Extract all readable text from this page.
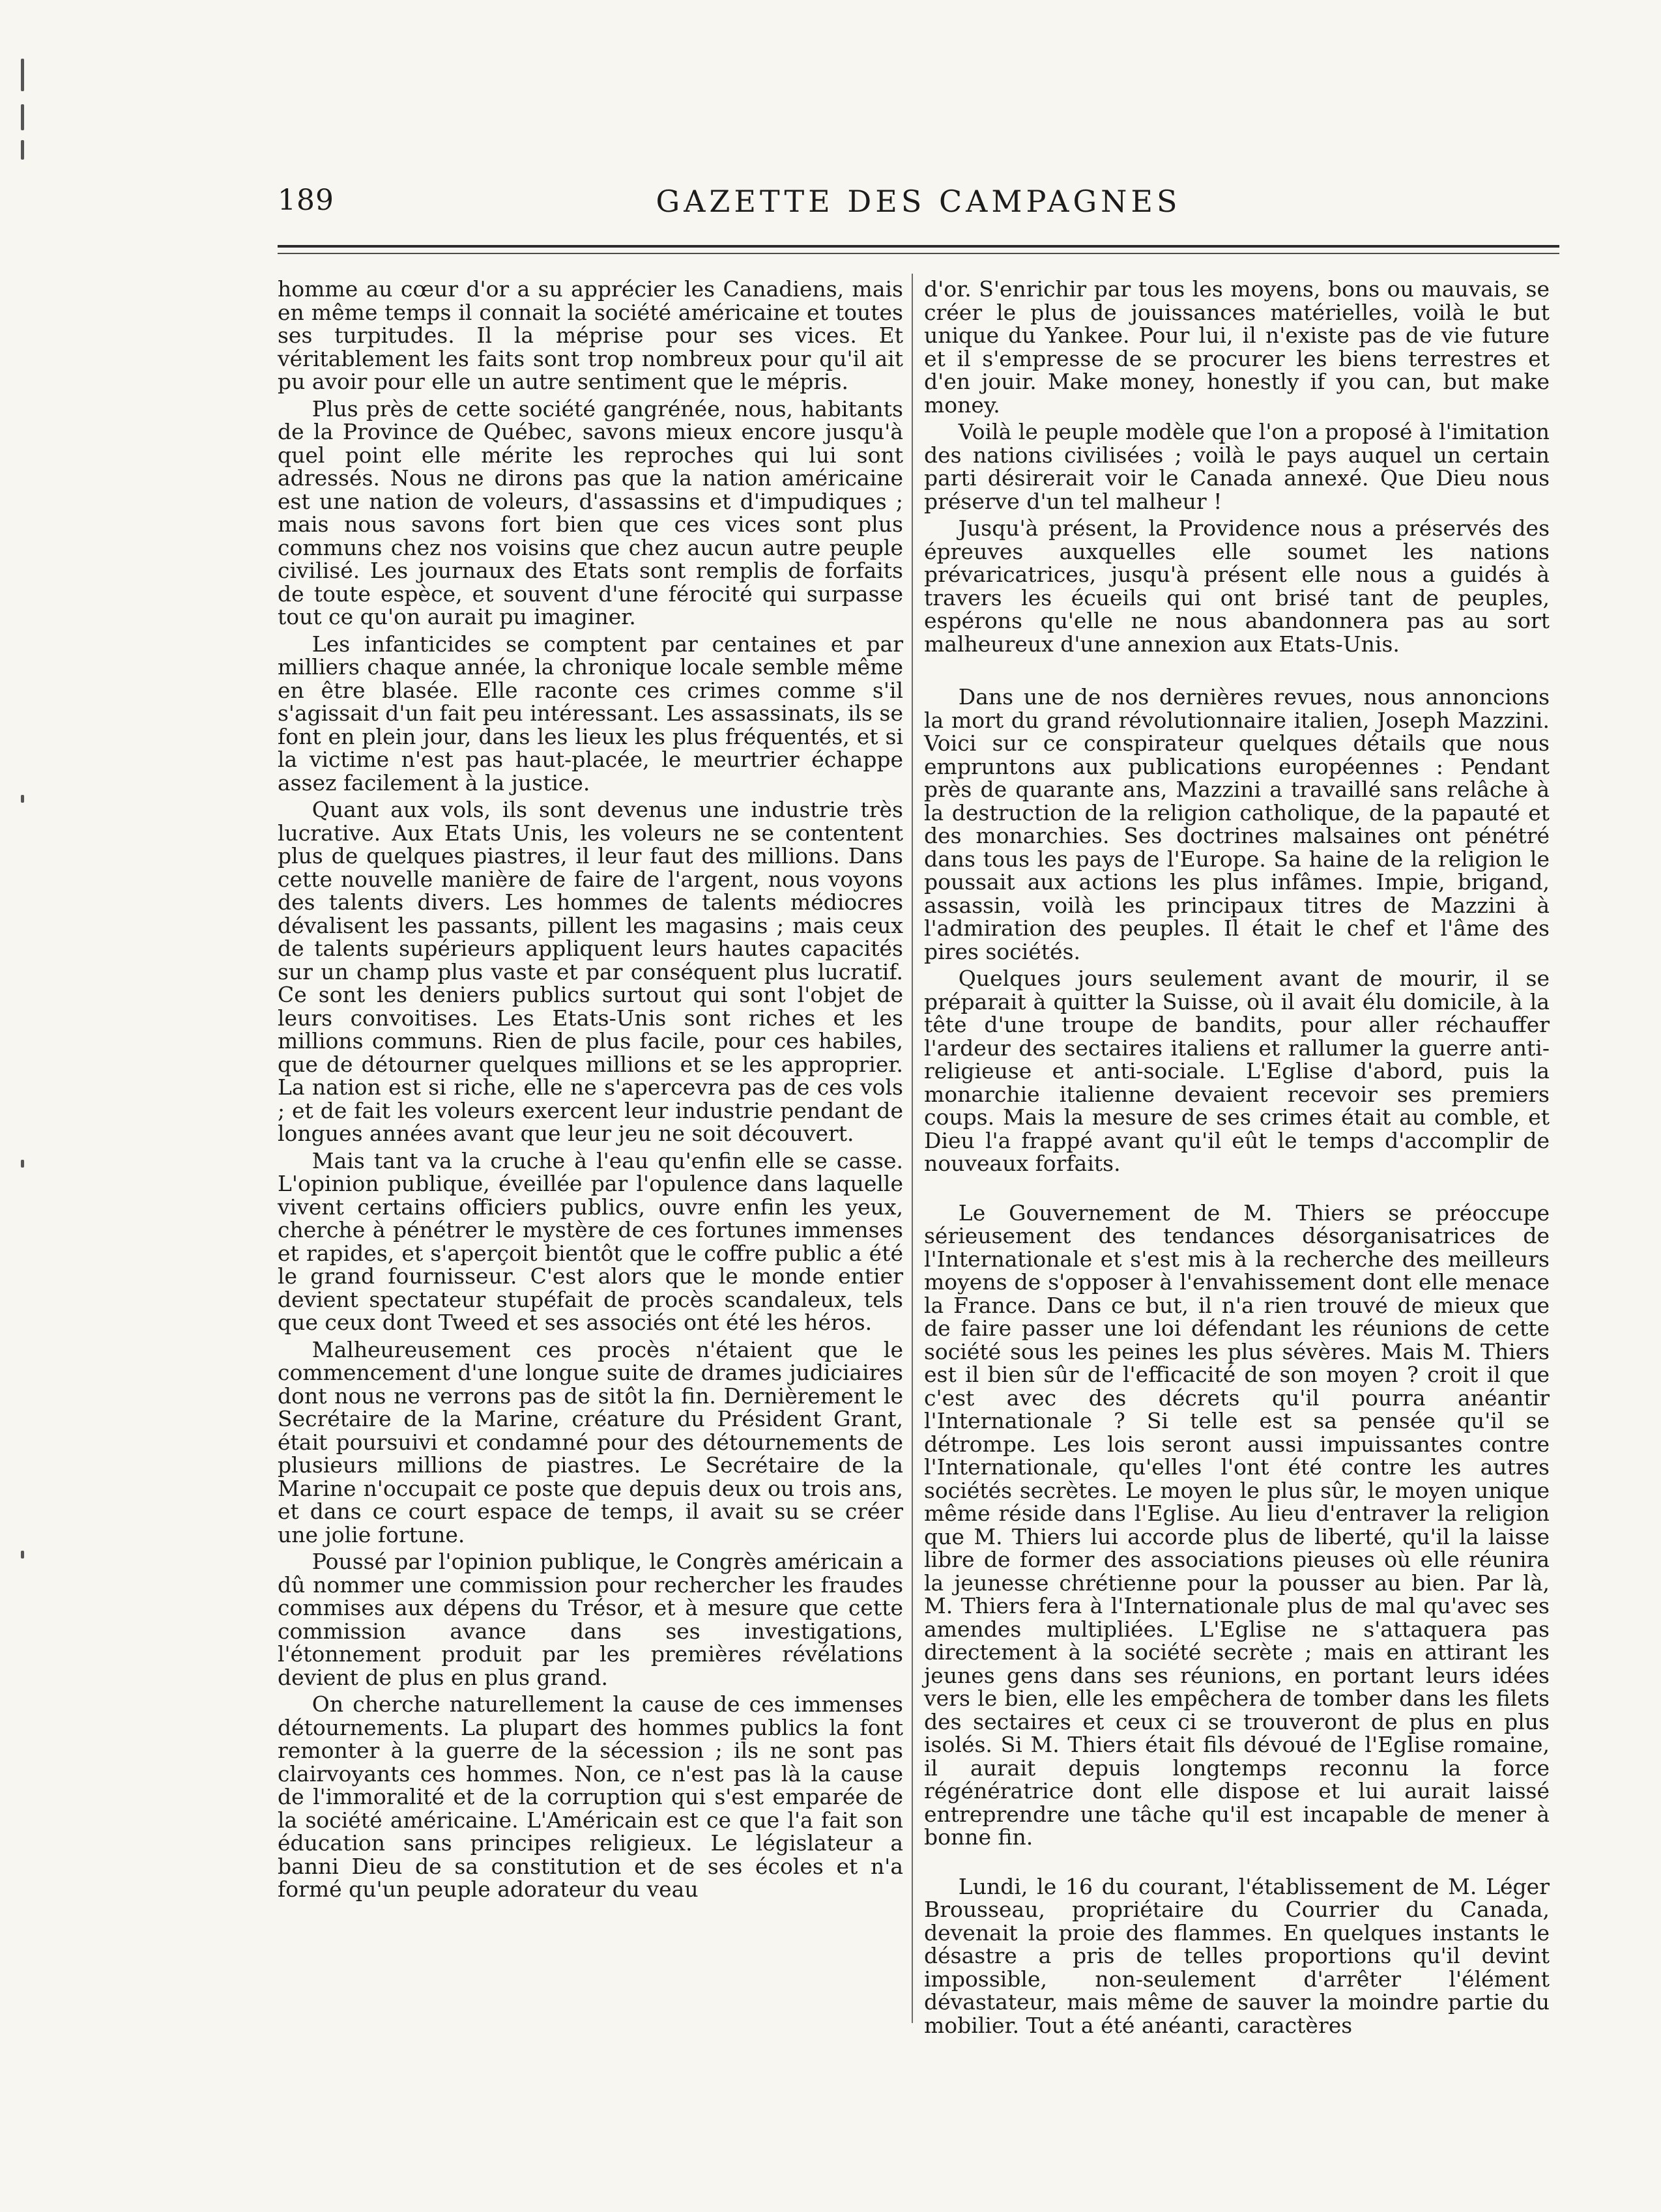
189	GAZETTE DES CAMPAGNES

homme au cœur d'or a su apprécier les Canadiens, mais en même temps il connait la société américaine et toutes ses turpitudes. Il la méprise pour ses vices. Et véritablement les faits sont trop nombreux pour qu'il ait pu avoir pour elle un autre sentiment que le mépris.

Plus près de cette société gangrénée, nous, habitants de la Province de Québec, savons mieux encore jusqu'à quel point elle mérite les reproches qui lui sont adressés. Nous ne dirons pas que la nation américaine est une nation de voleurs, d'assassins et d'impudiques ; mais nous savons fort bien que ces vices sont plus communs chez nos voisins que chez aucun autre peuple civilisé. Les journaux des Etats sont remplis de forfaits de toute espèce, et souvent d'une férocité qui surpasse tout ce qu'on aurait pu imaginer.

Les infanticides se comptent par centaines et par milliers chaque année, la chronique locale semble même en être blasée. Elle raconte ces crimes comme s'il s'agissait d'un fait peu intéressant. Les assassinats, ils se font en plein jour, dans les lieux les plus fréquentés, et si la victime n'est pas haut-placée, le meurtrier échappe assez facilement à la justice.

Quant aux vols, ils sont devenus une industrie très lucrative. Aux Etats Unis, les voleurs ne se contentent plus de quelques piastres, il leur faut des millions. Dans cette nouvelle manière de faire de l'argent, nous voyons des talents divers. Les hommes de talents médiocres dévalisent les passants, pillent les magasins ; mais ceux de talents supérieurs appliquent leurs hautes capacités sur un champ plus vaste et par conséquent plus lucratif. Ce sont les deniers publics surtout qui sont l'objet de leurs convoitises. Les Etats-Unis sont riches et les millions communs. Rien de plus facile, pour ces habiles, que de détourner quelques millions et se les approprier. La nation est si riche, elle ne s'apercevra pas de ces vols ; et de fait les voleurs exercent leur industrie pendant de longues années avant que leur jeu ne soit découvert.

Mais tant va la cruche à l'eau qu'enfin elle se casse. L'opinion publique, éveillée par l'opulence dans laquelle vivent certains officiers publics, ouvre enfin les yeux, cherche à pénétrer le mystère de ces fortunes immenses et rapides, et s'aperçoit bientôt que le coffre public a été le grand fournisseur. C'est alors que le monde entier devient spectateur stupéfait de procès scandaleux, tels que ceux dont Tweed et ses associés ont été les héros.

Malheureusement ces procès n'étaient que le commencement d'une longue suite de drames judiciaires dont nous ne verrons pas de sitôt la fin. Dernièrement le Secrétaire de la Marine, créature du Président Grant, était poursuivi et condamné pour des détournements de plusieurs millions de piastres. Le Secrétaire de la Marine n'occupait ce poste que depuis deux ou trois ans, et dans ce court espace de temps, il avait su se créer une jolie fortune.

Poussé par l'opinion publique, le Congrès américain a dû nommer une commission pour rechercher les fraudes commises aux dépens du Trésor, et à mesure que cette commission avance dans ses investigations, l'étonnement produit par les premières révélations devient de plus en plus grand.

On cherche naturellement la cause de ces immenses détournements. La plupart des hommes publics la font remonter à la guerre de la sécession ; ils ne sont pas clairvoyants ces hommes. Non, ce n'est pas là la cause de l'immoralité et de la corruption qui s'est emparée de la société américaine. L'Américain est ce que l'a fait son éducation sans principes religieux. Le législateur a banni Dieu de sa constitution et de ses écoles et n'a formé qu'un peuple adorateur du veau

d'or. S'enrichir par tous les moyens, bons ou mauvais, se créer le plus de jouissances matérielles, voilà le but unique du Yankee. Pour lui, il n'existe pas de vie future et il s'empresse de se procurer les biens terrestres et d'en jouir. Make money, honestly if you can, but make money.

Voilà le peuple modèle que l'on a proposé à l'imitation des nations civilisées ; voilà le pays auquel un certain parti désirerait voir le Canada annexé. Que Dieu nous préserve d'un tel malheur !

Jusqu'à présent, la Providence nous a préservés des épreuves auxquelles elle soumet les nations prévaricatrices, jusqu'à présent elle nous a guidés à travers les écueils qui ont brisé tant de peuples, espérons qu'elle ne nous abandonnera pas au sort malheureux d'une annexion aux Etats-Unis.

Dans une de nos dernières revues, nous annoncions la mort du grand révolutionnaire italien, Joseph Mazzini. Voici sur ce conspirateur quelques détails que nous empruntons aux publications européennes : Pendant près de quarante ans, Mazzini a travaillé sans relâche à la destruction de la religion catholique, de la papauté et des monarchies. Ses doctrines malsaines ont pénétré dans tous les pays de l'Europe. Sa haine de la religion le poussait aux actions les plus infâmes. Impie, brigand, assassin, voilà les principaux titres de Mazzini à l'admiration des peuples. Il était le chef et l'âme des pires sociétés.

Quelques jours seulement avant de mourir, il se préparait à quitter la Suisse, où il avait élu domicile, à la tête d'une troupe de bandits, pour aller réchauffer l'ardeur des sectaires italiens et rallumer la guerre anti-religieuse et anti-sociale. L'Eglise d'abord, puis la monarchie italienne devaient recevoir ses premiers coups. Mais la mesure de ses crimes était au comble, et Dieu l'a frappé avant qu'il eût le temps d'accomplir de nouveaux forfaits.

Le Gouvernement de M. Thiers se préoccupe sérieusement des tendances désorganisatrices de l'Internationale et s'est mis à la recherche des meilleurs moyens de s'opposer à l'envahissement dont elle menace la France. Dans ce but, il n'a rien trouvé de mieux que de faire passer une loi défendant les réunions de cette société sous les peines les plus sévères. Mais M. Thiers est il bien sûr de l'efficacité de son moyen ? croit il que c'est avec des décrets qu'il pourra anéantir l'Internationale ? Si telle est sa pensée qu'il se détrompe. Les lois seront aussi impuissantes contre l'Internationale, qu'elles l'ont été contre les autres sociétés secrètes. Le moyen le plus sûr, le moyen unique même réside dans l'Eglise. Au lieu d'entraver la religion que M. Thiers lui accorde plus de liberté, qu'il la laisse libre de former des associations pieuses où elle réunira la jeunesse chrétienne pour la pousser au bien. Par là, M. Thiers fera à l'Internationale plus de mal qu'avec ses amendes multipliées. L'Eglise ne s'attaquera pas directement à la société secrète ; mais en attirant les jeunes gens dans ses réunions, en portant leurs idées vers le bien, elle les empêchera de tomber dans les filets des sectaires et ceux ci se trouveront de plus en plus isolés. Si M. Thiers était fils dévoué de l'Eglise romaine, il aurait depuis longtemps reconnu la force régénératrice dont elle dispose et lui aurait laissé entreprendre une tâche qu'il est incapable de mener à bonne fin.

Lundi, le 16 du courant, l'établissement de M. Léger Brousseau, propriétaire du Courrier du Canada, devenait la proie des flammes. En quelques instants le désastre a pris de telles proportions qu'il devint impossible, non-seulement d'arrêter l'élément dévastateur, mais même de sauver la moindre partie du mobilier. Tout a été anéanti, caractères
